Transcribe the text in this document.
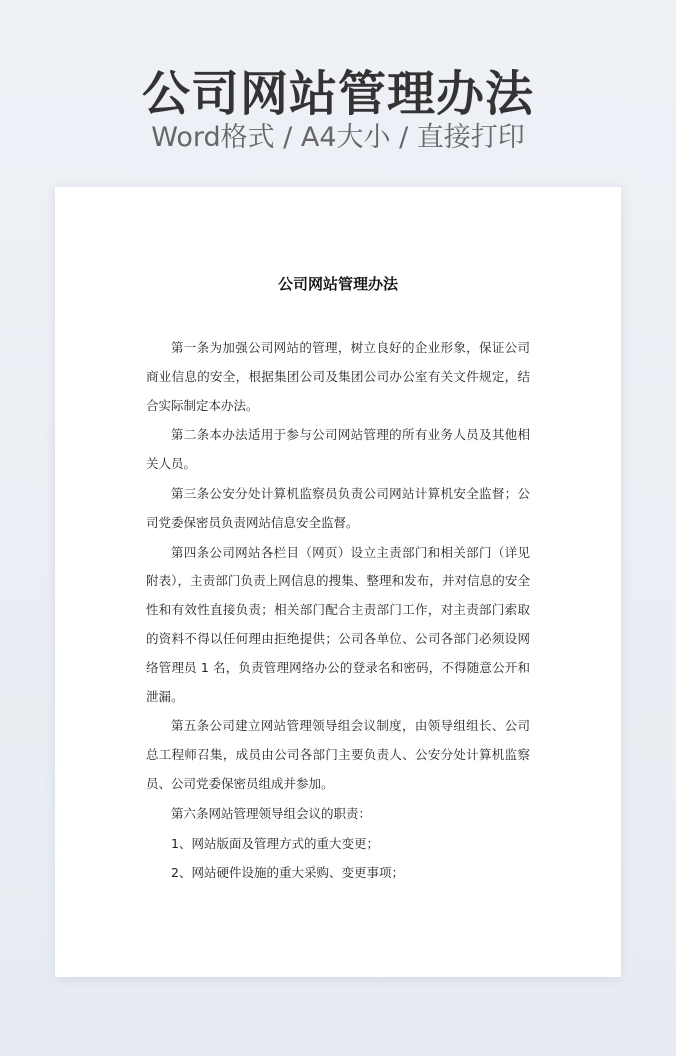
公司网站管理办法
Word格式 / A4大小 / 直接打印
公司网站管理办法

第一条为加强公司网站的管理，树立良好的企业形象，保证公司商业信息的安全，根据集团公司及集团公司办公室有关文件规定，结合实际制定本办法。

第二条本办法适用于参与公司网站管理的所有业务人员及其他相关人员。

第三条公安分处计算机监察员负责公司网站计算机安全监督；公司党委保密员负责网站信息安全监督。

第四条公司网站各栏目（网页）设立主责部门和相关部门（详见附表），主责部门负责上网信息的搜集、整理和发布，并对信息的安全性和有效性直接负责；相关部门配合主责部门工作，对主责部门索取的资料不得以任何理由拒绝提供；公司各单位、公司各部门必须设网络管理员 1 名，负责管理网络办公的登录名和密码，不得随意公开和泄漏。

第五条公司建立网站管理领导组会议制度，由领导组组长、公司总工程师召集，成员由公司各部门主要负责人、公安分处计算机监察员、公司党委保密员组成并参加。

第六条网站管理领导组会议的职责：

1、网站版面及管理方式的重大变更；

2、网站硬件设施的重大采购、变更事项；
